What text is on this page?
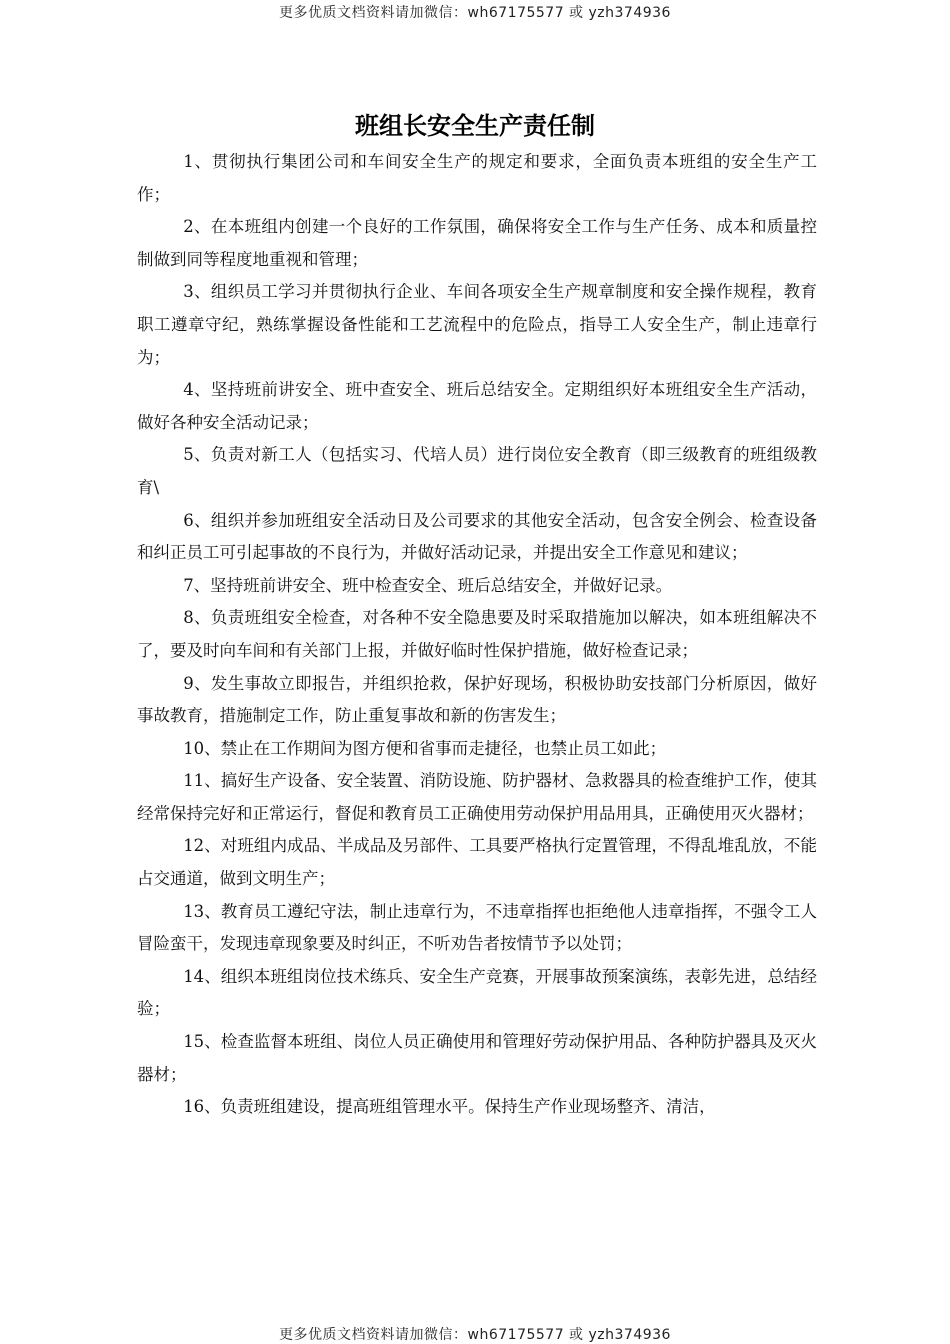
更多优质文档资料请加微信：wh67175577 或 yzh374936
班组长安全生产责任制

1、贯彻执行集团公司和车间安全生产的规定和要求，全面负责本班组的安全生产工作；

2、在本班组内创建一个良好的工作氛围，确保将安全工作与生产任务、成本和质量控制做到同等程度地重视和管理；

3、组织员工学习并贯彻执行企业、车间各项安全生产规章制度和安全操作规程，教育职工遵章守纪，熟练掌握设备性能和工艺流程中的危险点，指导工人安全生产，制止违章行为；

4、坚持班前讲安全、班中查安全、班后总结安全。定期组织好本班组安全生产活动，做好各种安全活动记录；

5、负责对新工人（包括实习、代培人员）进行岗位安全教育（即三级教育的班组级教育\

6、组织并参加班组安全活动日及公司要求的其他安全活动，包含安全例会、检查设备和纠正员工可引起事故的不良行为，并做好活动记录，并提出安全工作意见和建议；

7、坚持班前讲安全、班中检查安全、班后总结安全，并做好记录。

8、负责班组安全检查，对各种不安全隐患要及时采取措施加以解决，如本班组解决不了，要及时向车间和有关部门上报，并做好临时性保护措施，做好检查记录；

9、发生事故立即报告，并组织抢救，保护好现场，积极协助安技部门分析原因，做好事故教育，措施制定工作，防止重复事故和新的伤害发生；

10、禁止在工作期间为图方便和省事而走捷径，也禁止员工如此；

11、搞好生产设备、安全装置、消防设施、防护器材、急救器具的检查维护工作，使其经常保持完好和正常运行，督促和教育员工正确使用劳动保护用品用具，正确使用灭火器材；

12、对班组内成品、半成品及另部件、工具要严格执行定置管理，不得乱堆乱放，不能占交通道，做到文明生产；

13、教育员工遵纪守法，制止违章行为，不违章指挥也拒绝他人违章指挥，不强令工人冒险蛮干，发现违章现象要及时纠正，不听劝告者按情节予以处罚；

14、组织本班组岗位技术练兵、安全生产竞赛，开展事故预案演练，表彰先进，总结经验；

15、检查监督本班组、岗位人员正确使用和管理好劳动保护用品、各种防护器具及灭火器材；

16、负责班组建设，提高班组管理水平。保持生产作业现场整齐、清洁，

更多优质文档资料请加微信：wh67175577 或 yzh374936
